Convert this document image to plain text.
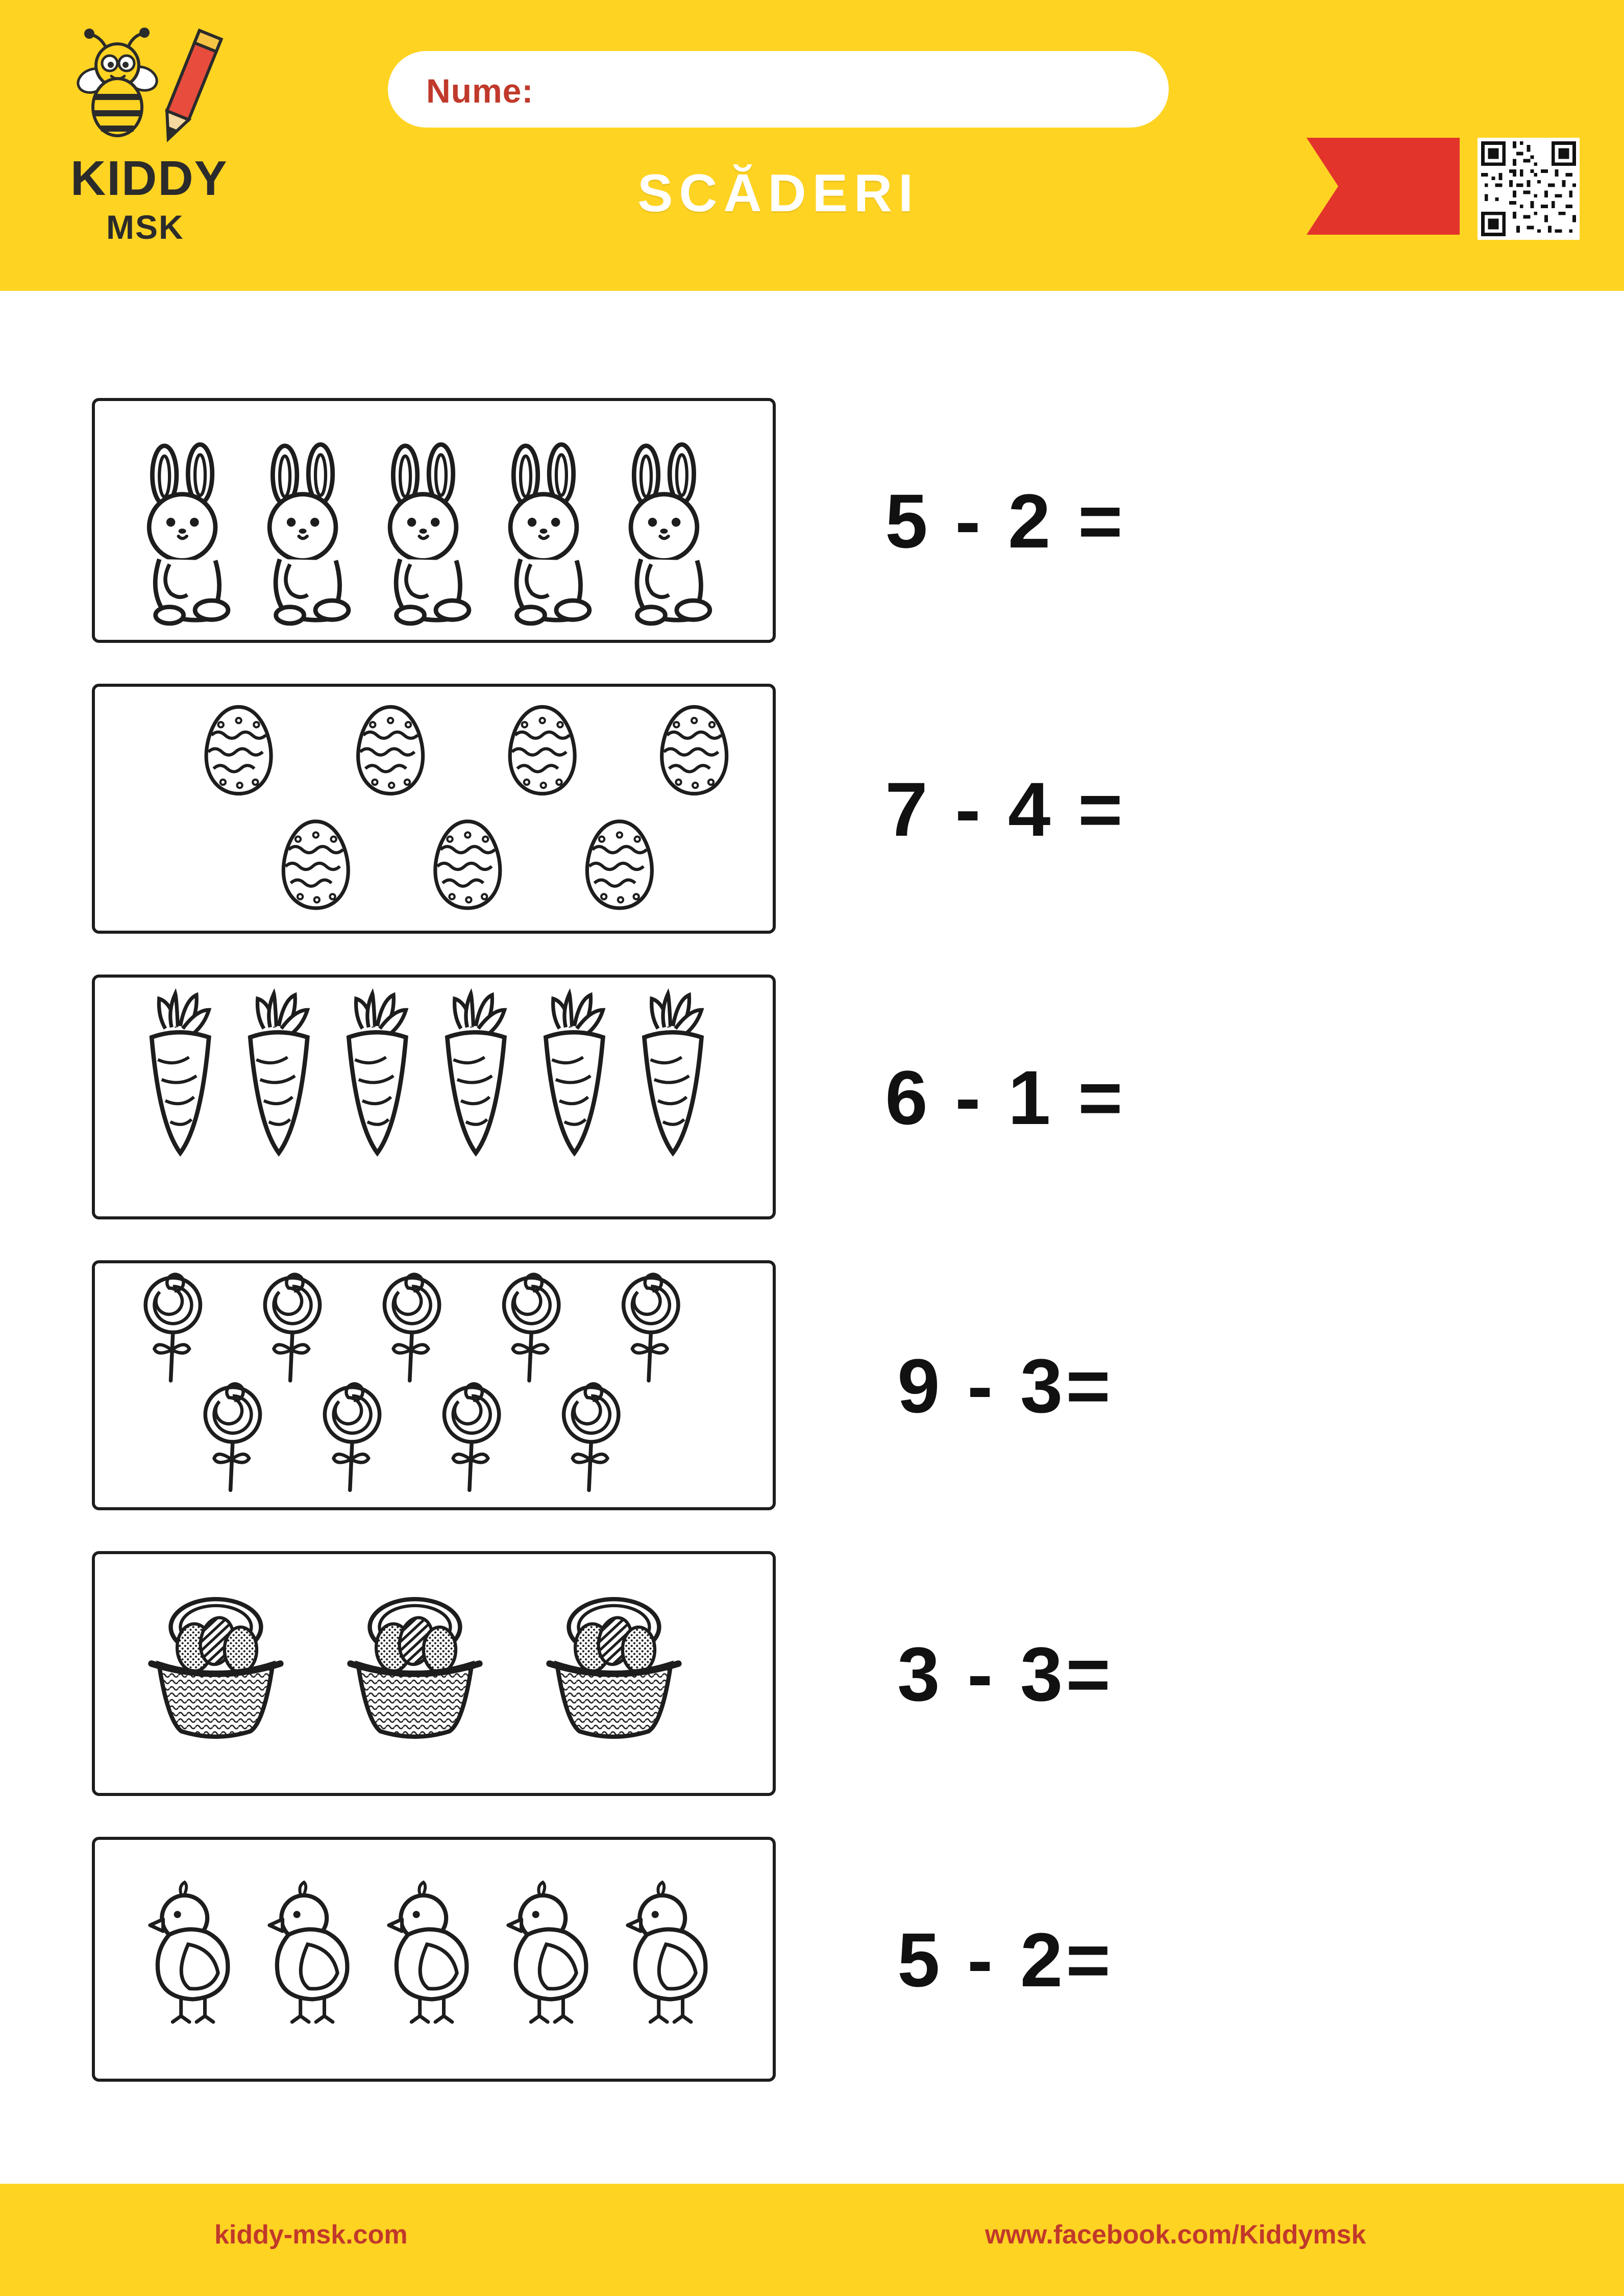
KIDDY
MSK
Nume:
SCĂDERI
5 - 2 =
7 - 4 =
6 - 1 =
9 - 3=
3 - 3=
5 - 2=
kiddy-msk.com	www.facebook.com/Kiddymsk
